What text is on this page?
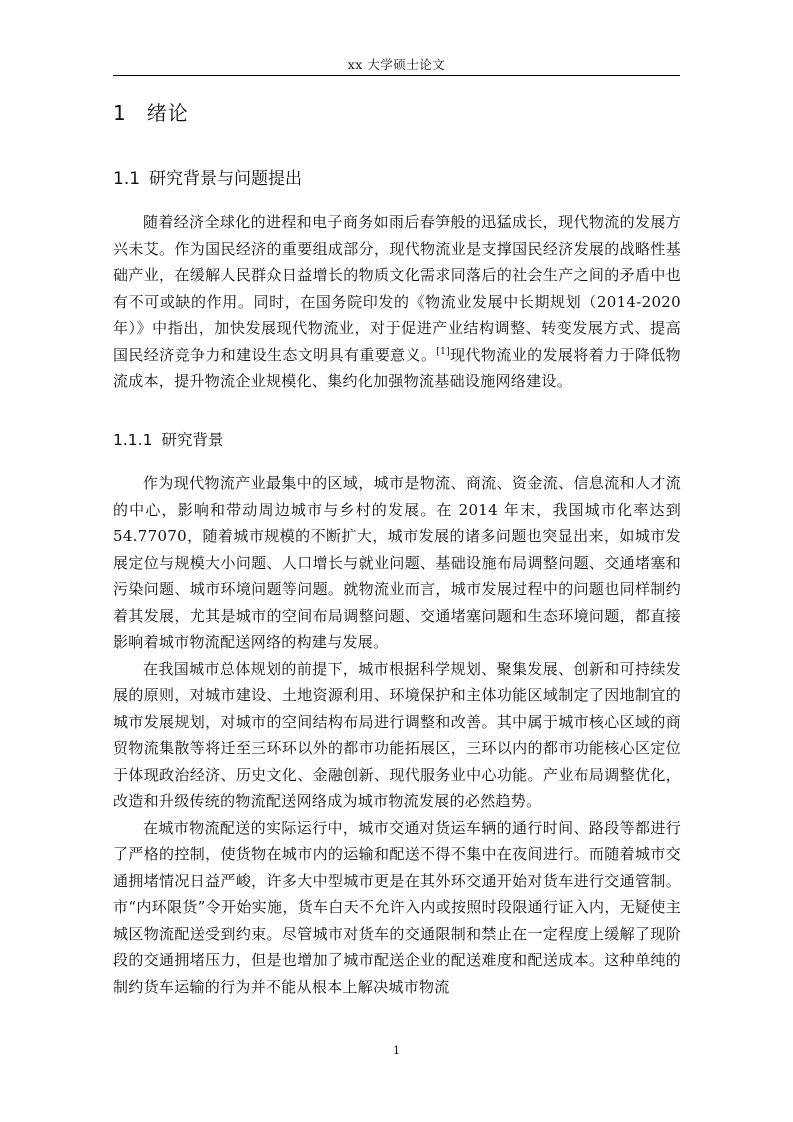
xx 大学硕士论文
1 绪论
1.1 研究背景与问题提出

随着经济全球化的进程和电子商务如雨后春笋般的迅猛成长，现代物流的发展方兴未艾。作为国民经济的重要组成部分，现代物流业是支撑国民经济发展的战略性基础产业，在缓解人民群众日益增长的物质文化需求同落后的社会生产之间的矛盾中也有不可或缺的作用。同时，在国务院印发的《物流业发展中长期规划（2014-2020 年）》中指出，加快发展现代物流业，对于促进产业结构调整、转变发展方式、提高国民经济竞争力和建设生态文明具有重要意义。[1]现代物流业的发展将着力于降低物流成本，提升物流企业规模化、集约化加强物流基础设施网络建设。

1.1.1 研究背景

作为现代物流产业最集中的区域，城市是物流、商流、资金流、信息流和人才流的中心，影响和带动周边城市与乡村的发展。在 2014 年末，我国城市化率达到 54.77070，随着城市规模的不断扩大，城市发展的诸多问题也突显出来，如城市发展定位与规模大小问题、人口增长与就业问题、基础设施布局调整问题、交通堵塞和污染问题、城市环境问题等问题。就物流业而言，城市发展过程中的问题也同样制约着其发展，尤其是城市的空间布局调整问题、交通堵塞问题和生态环境问题，都直接影响着城市物流配送网络的构建与发展。

在我国城市总体规划的前提下，城市根据科学规划、聚集发展、创新和可持续发展的原则，对城市建设、土地资源利用、环境保护和主体功能区域制定了因地制宜的城市发展规划，对城市的空间结构布局进行调整和改善。其中属于城市核心区域的商贸物流集散等将迁至三环环以外的都市功能拓展区，三环以内的都市功能核心区定位于体现政治经济、历史文化、金融创新、现代服务业中心功能。产业布局调整优化，改造和升级传统的物流配送网络成为城市物流发展的必然趋势。

在城市物流配送的实际运行中，城市交通对货运车辆的通行时间、路段等都进行了严格的控制，使货物在城市内的运输和配送不得不集中在夜间进行。而随着城市交通拥堵情况日益严峻，许多大中型城市更是在其外环交通开始对货车进行交通管制。市“内环限货”令开始实施，货车白天不允许入内或按照时段限通行证入内，无疑使主城区物流配送受到约束。尽管城市对货车的交通限制和禁止在一定程度上缓解了现阶段的交通拥堵压力，但是也增加了城市配送企业的配送难度和配送成本。这种单纯的制约货车运输的行为并不能从根本上解决城市物流

1
